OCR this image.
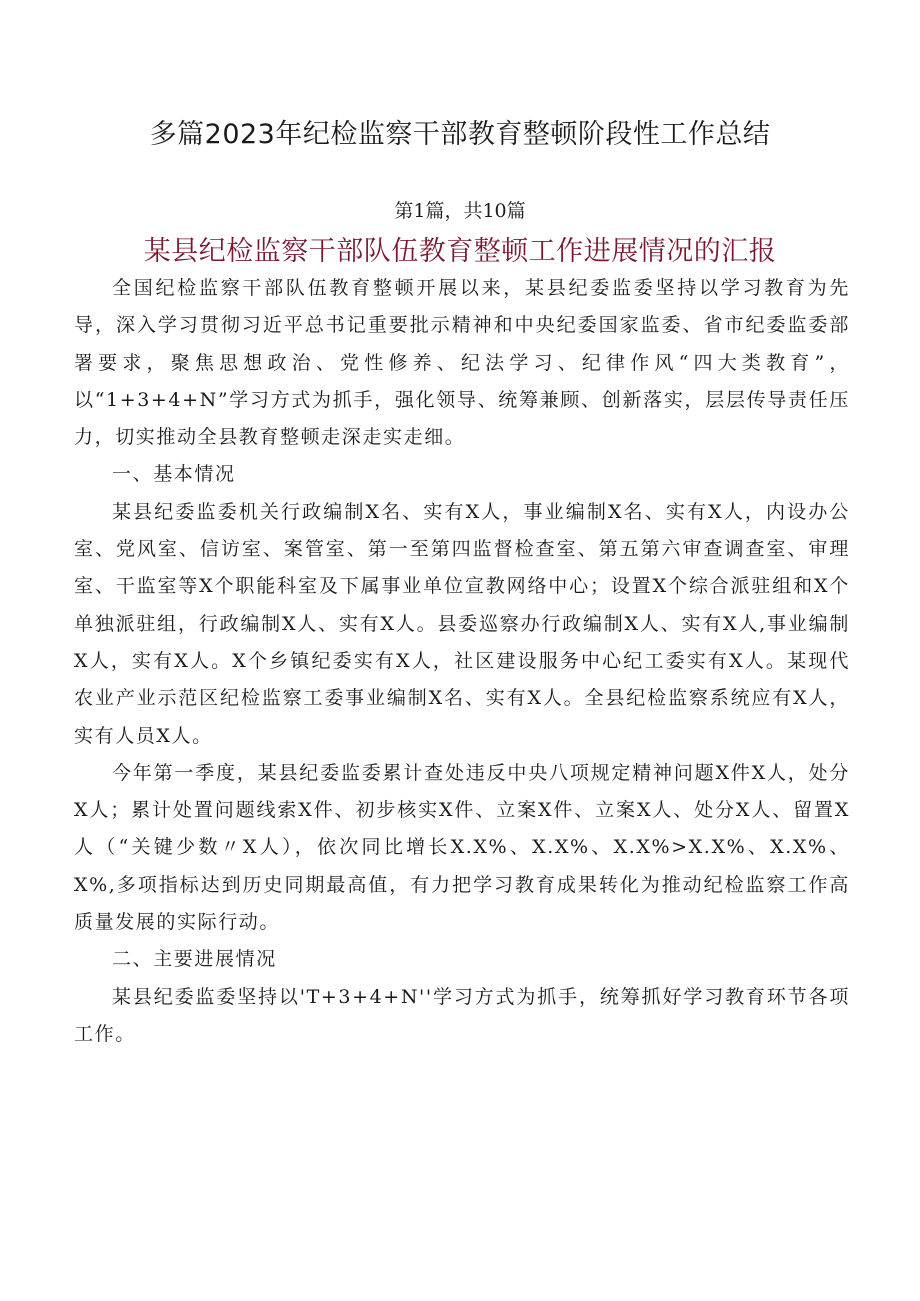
多篇2023年纪检监察干部教育整顿阶段性工作总结
第1篇，共10篇
某县纪检监察干部队伍教育整顿工作进展情况的汇报

全国纪检监察干部队伍教育整顿开展以来，某县纪委监委坚持以学习教育为先导，深入学习贯彻习近平总书记重要批示精神和中央纪委国家监委、省市纪委监委部署要求，聚焦思想政治、党性修养、纪法学习、纪律作风“四大类教育”，以“1+3+4+N”学习方式为抓手，强化领导、统筹兼顾、创新落实，层层传导责任压力，切实推动全县教育整顿走深走实走细。

一、基本情况

某县纪委监委机关行政编制X名、实有X人，事业编制X名、实有X人，内设办公室、党风室、信访室、案管室、第一至第四监督检查室、第五第六审查调查室、审理室、干监室等X个职能科室及下属事业单位宣教网络中心；设置X个综合派驻组和X个单独派驻组，行政编制X人、实有X人。县委巡察办行政编制X人、实有X人,事业编制X人，实有X人。X个乡镇纪委实有X人，社区建设服务中心纪工委实有X人。某现代农业产业示范区纪检监察工委事业编制X名、实有X人。全县纪检监察系统应有X人，实有人员X人。

今年第一季度，某县纪委监委累计查处违反中央八项规定精神问题X件X人，处分X人；累计处置问题线索X件、初步核实X件、立案X件、立案X人、处分X人、留置X人（“关键少数〃X人），依次同比增长X.X%、X.X%、X.X%>X.X%、X.X%、X%,多项指标达到历史同期最高值，有力把学习教育成果转化为推动纪检监察工作高质量发展的实际行动。

二、主要进展情况

某县纪委监委坚持以'T+3+4+N''学习方式为抓手，统筹抓好学习教育环节各项工作。
